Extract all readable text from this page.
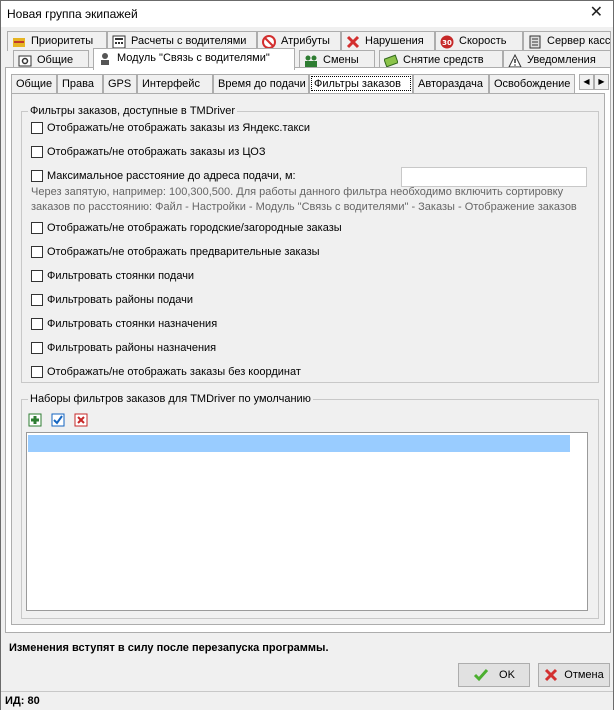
Новая группа экипажей	✕
Приоритеты	Расчеты с водителями	Атрибуты	Нарушения	30 Скорость	Сервер касс
Общие	Модуль "Связь с водителями"	Смены	Снятие средств	Уведомления
Общие Права	GPS Интерфейс	Время до подачи Фильтры заказов	Автораздача Освобождение	◀	▶
Фильтры заказов, доступные в TMDriver
Отображать/не отображать заказы из Яндекс.такси
Отображать/не отображать заказы из ЦОЗ
Максимальное расстояние до адреса подачи, м:
Через запятую, например: 100,300,500. Для работы данного фильтра необходимо включить сортировку заказов по расстоянию: Файл - Настройки - Модуль "Связь с водителями" - Заказы - Отображение заказов
Отображать/не отображать городские/загородные заказы
Отображать/не отображать предварительные заказы
Фильтровать стоянки подачи
Фильтровать районы подачи
Фильтровать стоянки назначения
Фильтровать районы назначения
Отображать/не отображать заказы без координат
Наборы фильтров заказов для TMDriver по умолчанию
Изменения вступят в силу после перезапуска программы.
OK	Отмена
ИД: 80
